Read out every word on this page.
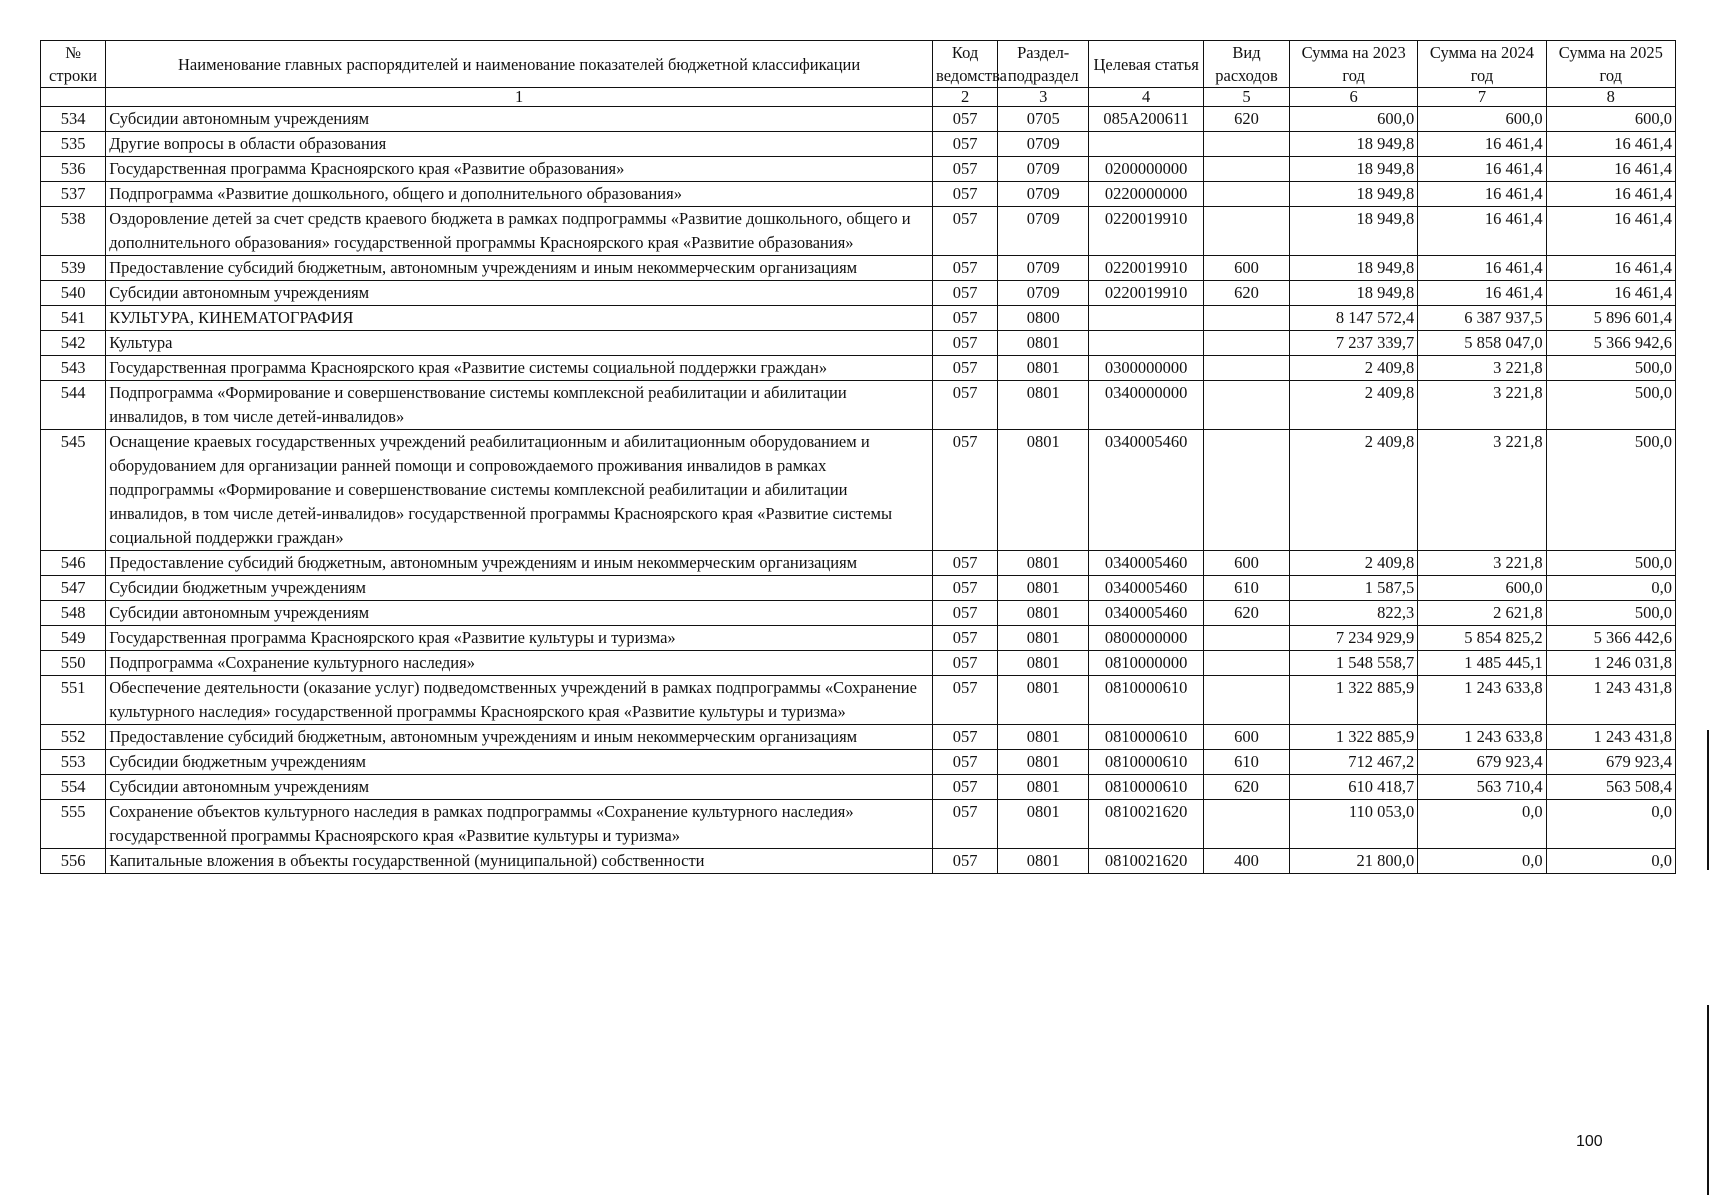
№ строки	Наименование главных распорядителей и наименование показателей бюджетной классификации	Код ведомства	Раздел-подраздел	Целевая статья	Вид расходов	Сумма на 2023 год	Сумма на 2024 год	Сумма на 2025 год
	1	2	3	4	5	6	7	8
534	Субсидии автономным учреждениям	057	0705	085A200611	620	600,0	600,0	600,0
535	Другие вопросы в области образования	057	0709			18 949,8	16 461,4	16 461,4
536	Государственная программа Красноярского края «Развитие образования»	057	0709	0200000000		18 949,8	16 461,4	16 461,4
537	Подпрограмма «Развитие дошкольного, общего и дополнительного образования»	057	0709	0220000000		18 949,8	16 461,4	16 461,4
538	Оздоровление детей за счет средств краевого бюджета в рамках подпрограммы «Развитие дошкольного, общего и дополнительного образования» государственной программы Красноярского края «Развитие образования»	057	0709	0220019910		18 949,8	16 461,4	16 461,4
539	Предоставление субсидий бюджетным, автономным учреждениям и иным некоммерческим организациям	057	0709	0220019910	600	18 949,8	16 461,4	16 461,4
540	Субсидии автономным учреждениям	057	0709	0220019910	620	18 949,8	16 461,4	16 461,4
541	КУЛЬТУРА, КИНЕМАТОГРАФИЯ	057	0800			8 147 572,4	6 387 937,5	5 896 601,4
542	Культура	057	0801			7 237 339,7	5 858 047,0	5 366 942,6
543	Государственная программа Красноярского края «Развитие системы социальной поддержки граждан»	057	0801	0300000000		2 409,8	3 221,8	500,0
544	Подпрограмма «Формирование и совершенствование системы комплексной реабилитации и абилитации инвалидов, в том числе детей-инвалидов»	057	0801	0340000000		2 409,8	3 221,8	500,0
545	Оснащение краевых государственных учреждений реабилитационным и абилитационным оборудованием и оборудованием для организации ранней помощи и сопровождаемого проживания инвалидов в рамках подпрограммы «Формирование и совершенствование системы комплексной реабилитации и абилитации инвалидов, в том числе детей-инвалидов» государственной программы Красноярского края «Развитие системы социальной поддержки граждан»	057	0801	0340005460		2 409,8	3 221,8	500,0
546	Предоставление субсидий бюджетным, автономным учреждениям и иным некоммерческим организациям	057	0801	0340005460	600	2 409,8	3 221,8	500,0
547	Субсидии бюджетным учреждениям	057	0801	0340005460	610	1 587,5	600,0	0,0
548	Субсидии автономным учреждениям	057	0801	0340005460	620	822,3	2 621,8	500,0
549	Государственная программа Красноярского края «Развитие культуры и туризма»	057	0801	0800000000		7 234 929,9	5 854 825,2	5 366 442,6
550	Подпрограмма «Сохранение культурного наследия»	057	0801	0810000000		1 548 558,7	1 485 445,1	1 246 031,8
551	Обеспечение деятельности (оказание услуг) подведомственных учреждений в рамках подпрограммы «Сохранение культурного наследия» государственной программы Красноярского края «Развитие культуры и туризма»	057	0801	0810000610		1 322 885,9	1 243 633,8	1 243 431,8
552	Предоставление субсидий бюджетным, автономным учреждениям и иным некоммерческим организациям	057	0801	0810000610	600	1 322 885,9	1 243 633,8	1 243 431,8
553	Субсидии бюджетным учреждениям	057	0801	0810000610	610	712 467,2	679 923,4	679 923,4
554	Субсидии автономным учреждениям	057	0801	0810000610	620	610 418,7	563 710,4	563 508,4
555	Сохранение объектов культурного наследия в рамках подпрограммы «Сохранение культурного наследия» государственной программы Красноярского края «Развитие культуры и туризма»	057	0801	0810021620		110 053,0	0,0	0,0
556	Капитальные вложения в объекты государственной (муниципальной) собственности	057	0801	0810021620	400	21 800,0	0,0	0,0
100
